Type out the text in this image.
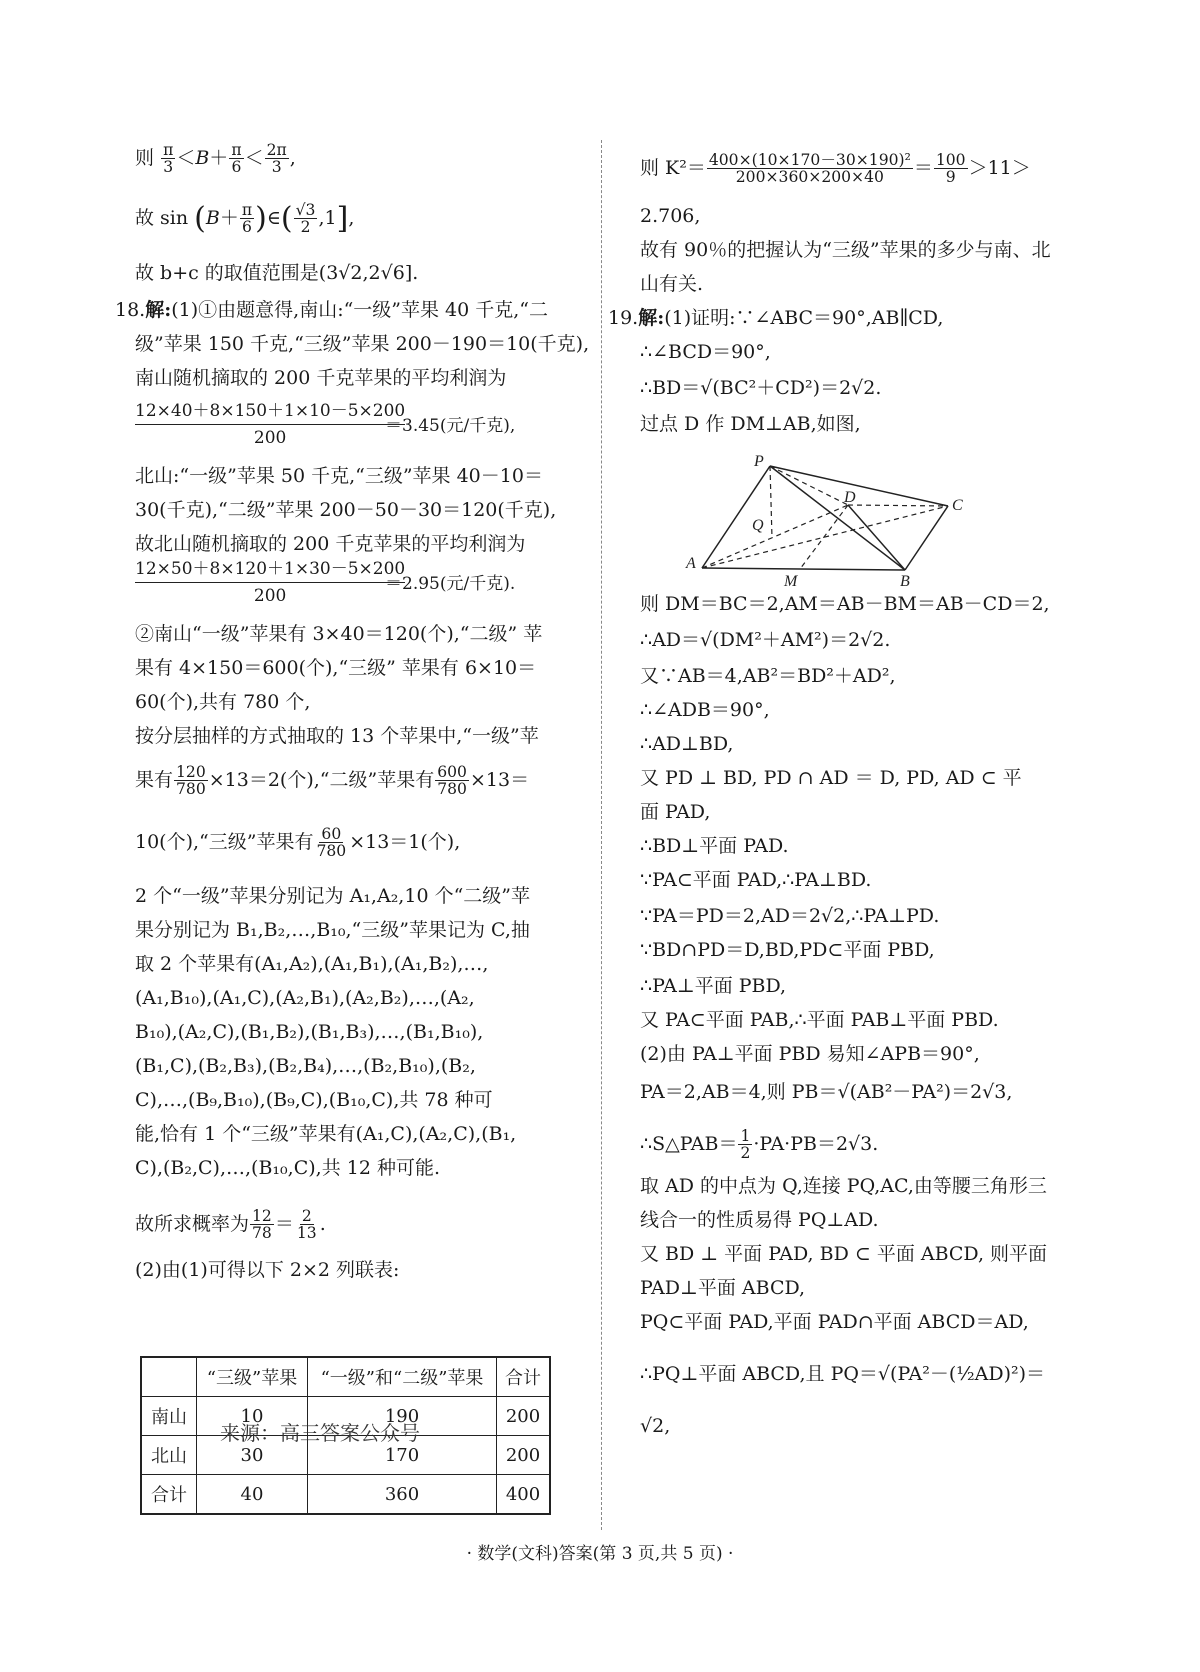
则 $\frac{\pi}{3} <B+ \frac{\pi}{6} < \frac{2\pi}{3}$ ,
故 $\sin (B+ \frac{\pi}{6}$ )∈( $\frac{√3}{2} ,1$],
故 b+c 的取值范围是(3√2,2√6].
18.解:(1)①由题意得,南山:“一级”苹果 40 千克,“二
级”苹果 150 千克,“三级”苹果 200－190＝10(千克),
南山随机摘取的 200 千克苹果的平均利润为
12×40＋8×150＋1×10－5×200
200
＝3.45(元/千克),
北山:“一级”苹果 50 千克,“三级”苹果 40－10＝
30(千克),“二级”苹果 200－50－30＝120(千克),
故北山随机摘取的 200 千克苹果的平均利润为
12×50＋8×120＋1×30－5×200
200
＝2.95(元/千克).
②南山“一级”苹果有 3×40＝120(个),“二级” 苹
果有 4×150＝600(个),“三级” 苹果有 6×10＝
60(个),共有 780 个,
按分层抽样的方式抽取的 13 个苹果中,“一级”苹
果有 $\frac{120}{780} \times 13=2$(个),“二级”苹果有 $\frac{600}{780} \times 13=$
10(个),“三级”苹果有 $\frac{60}{780} \times 13=1$(个),
2 个“一级”苹果分别记为 A₁,A₂,10 个“二级”苹
果分别记为 B₁,B₂,…,B₁₀,“三级”苹果记为 C,抽
取 2 个苹果有(A₁,A₂),(A₁,B₁),(A₁,B₂),…,
(A₁,B₁₀),(A₁,C),(A₂,B₁),(A₂,B₂),…,(A₂,
B₁₀),(A₂,C),(B₁,B₂),(B₁,B₃),…,(B₁,B₁₀),
(B₁,C),(B₂,B₃),(B₂,B₄),…,(B₂,B₁₀),(B₂,
C),…,(B₉,B₁₀),(B₉,C),(B₁₀,C),共 78 种可
能,恰有 1 个“三级”苹果有(A₁,C),(A₂,C),(B₁,
C),(B₂,C),…,(B₁₀,C),共 12 种可能.
故所求概率为 $\frac{12}{78} = \frac{2}{13}$ .
(2)由(1)可得以下 2×2 列联表:
	“三级”苹果	“一级”和“二级”苹果	合计
南山	10	190	200
北山	30	170	200
合计	40	360	400
来源：高三答案公众号
则 $K^2= \frac{\text{400×(10×170－30×190)²}}{200\times 360\times 200\times 40} = \frac{100}{9} >11>$
2.706,
故有 90％的把握认为“三级”苹果的多少与南、北
山有关.
19.解:(1)证明:∵∠ABC＝90°,AB∥CD,
∴∠BCD＝90°,
∴BD＝√(BC²＋CD²)＝2√2.
过点 D 作 DM⊥AB,如图,
则 DM＝BC＝2,AM＝AB－BM＝AB－CD＝2,
∴AD＝√(DM²＋AM²)＝2√2.
又∵AB＝4,AB²＝BD²＋AD²,
∴∠ADB＝90°,
∴AD⊥BD,
又 PD ⊥ BD, PD ∩ AD ＝ D, PD, AD ⊂ 平
面 PAD,
∴BD⊥平面 PAD.
∵PA⊂平面 PAD,∴PA⊥BD.
∵PA＝PD＝2,AD＝2√2,∴PA⊥PD.
∵BD∩PD＝D,BD,PD⊂平面 PBD,
∴PA⊥平面 PBD,
又 PA⊂平面 PAB,∴平面 PAB⊥平面 PBD.
(2)由 PA⊥平面 PBD 易知∠APB＝90°,
PA＝2,AB＝4,则 PB＝√(AB²－PA²)＝2√3,
∴S△PAB＝ $\frac{1}{2} \cdot PA\cdot PB=2√3$.
取 AD 的中点为 Q,连接 PQ,AC,由等腰三角形三
线合一的性质易得 PQ⊥AD.
又 BD ⊥ 平面 PAD, BD ⊂ 平面 ABCD, 则平面
PAD⊥平面 ABCD,
PQ⊂平面 PAD,平面 PAD∩平面 ABCD＝AD,
∴PQ⊥平面 ABCD,且 PQ＝√(PA²－(½AD)²)＝
√2,
P
D	C
Q
A
M	B
· 数学(文科)答案(第 3 页,共 5 页) ·
